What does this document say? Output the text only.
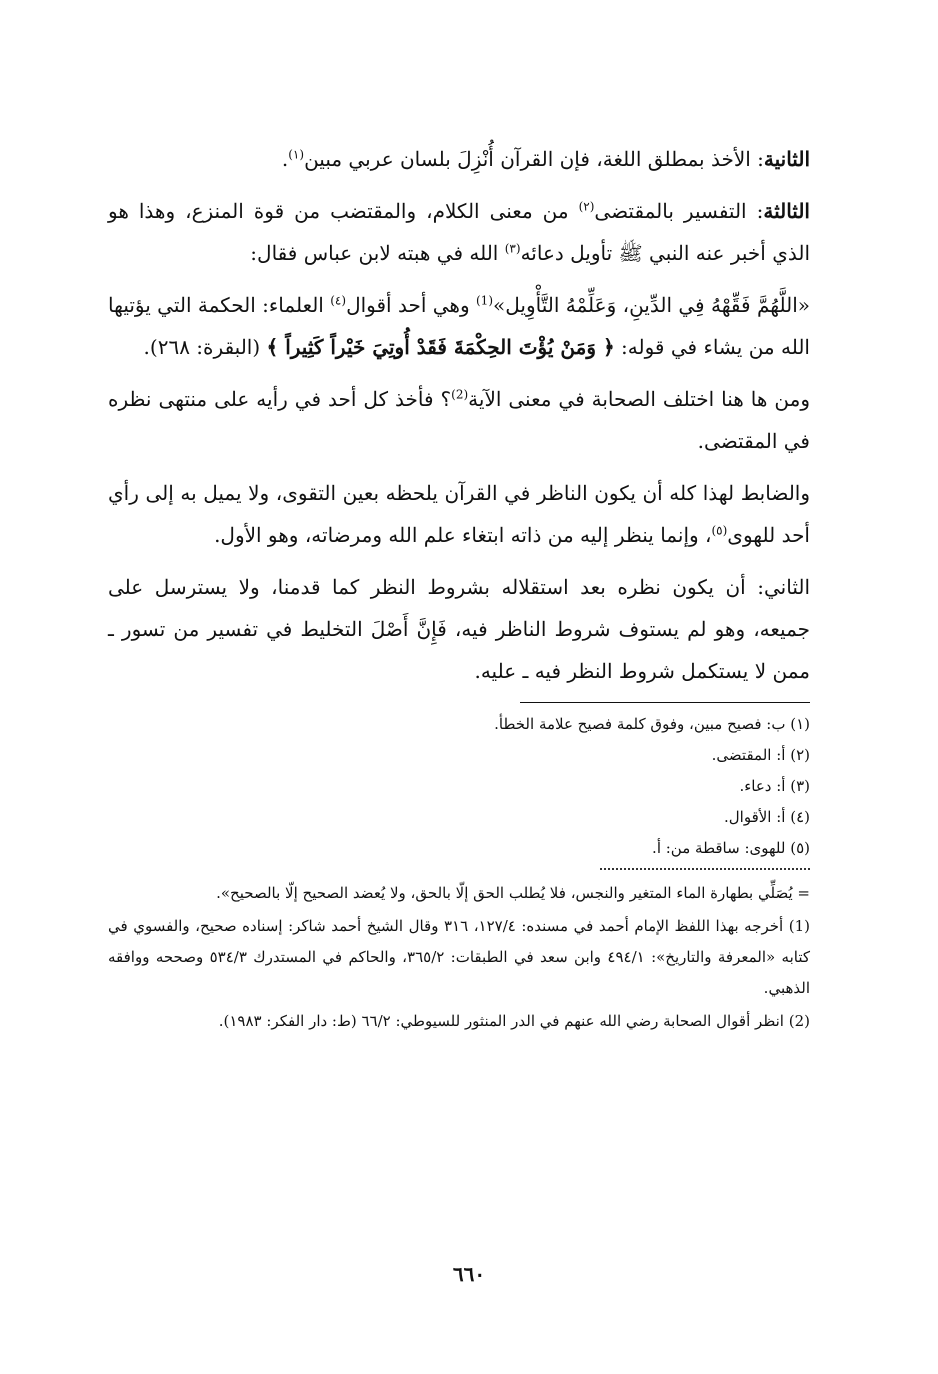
الثانية: الأخذ بمطلق اللغة، فإن القرآن أُنْزِلَ بلسان عربي مبين$^{(١)}$.

الثالثة: التفسير بالمقتضى$^{(٢)}$ من معنى الكلام، والمقتضب من قوة المنزع، وهذا هو الذي أخبر عنه النبي ﷺ تأويل دعائه$^{(٣)}$ الله في هبته لابن عباس فقال:

«اللَّهُمَّ فَقِّهْهُ فِي الدِّينِ، وَعَلِّمْهُ التَّأْوِيل»$^{(1)}$ وهي أحد أقوال$^{(٤)}$ العلماء: الحكمة التي يؤتيها الله من يشاء في قوله: ﴿ وَمَنْ يُؤْتَ الحِكْمَةَ فَقَدْ أُوتِيَ خَيْراً كَثِيراً ﴾ (البقرة: ٢٦٨).

ومن ها هنا اختلف الصحابة في معنى الآية$^{(2)}$؟ فأخذ كل أحد في رأيه على منتهى نظره في المقتضى.

والضابط لهذا كله أن يكون الناظر في القرآن يلحظه بعين التقوى، ولا يميل به إلى رأي أحد للهوى$^{(٥)}$، وإنما ينظر إليه من ذاته ابتغاء علم الله ومرضاته، وهو الأول.

الثاني: أن يكون نظره بعد استقلاله بشروط النظر كما قدمنا، ولا يسترسل على جميعه، وهو لم يستوف شروط الناظر فيه، فَإِنَّ أَصْلَ التخليط في تفسير من تسور ـ ممن لا يستكمل شروط النظر فيه ـ عليه.

(١) ب: فصيح مبين، وفوق كلمة فصيح علامة الخطأ.

(٢) أ: المقتضى.

(٣) أ: دعاء.

(٤) أ: الأقوال.

(٥) للهوى: ساقطة من: أ.

= يُصَلِّي بطهارة الماء المتغير والنجس، فلا يُطلب الحق إلّا بالحق، ولا يُعضد الصحيح إلّا بالصحيح».

(1) أخرجه بهذا اللفظ الإمام أحمد في مسنده: ١٢٧/٤، ٣١٦ وقال الشيخ أحمد شاكر: إسناده صحيح، والفسوي في كتابه «المعرفة والتاريخ»: ٤٩٤/١ وابن سعد في الطبقات: ٣٦٥/٢، والحاكم في المستدرك ٥٣٤/٣ وصححه ووافقه الذهبي.

(2) انظر أقوال الصحابة رضي الله عنهم في الدر المنثور للسيوطي: ٦٦/٢ (ط: دار الفكر: ١٩٨٣).

٦٦٠
